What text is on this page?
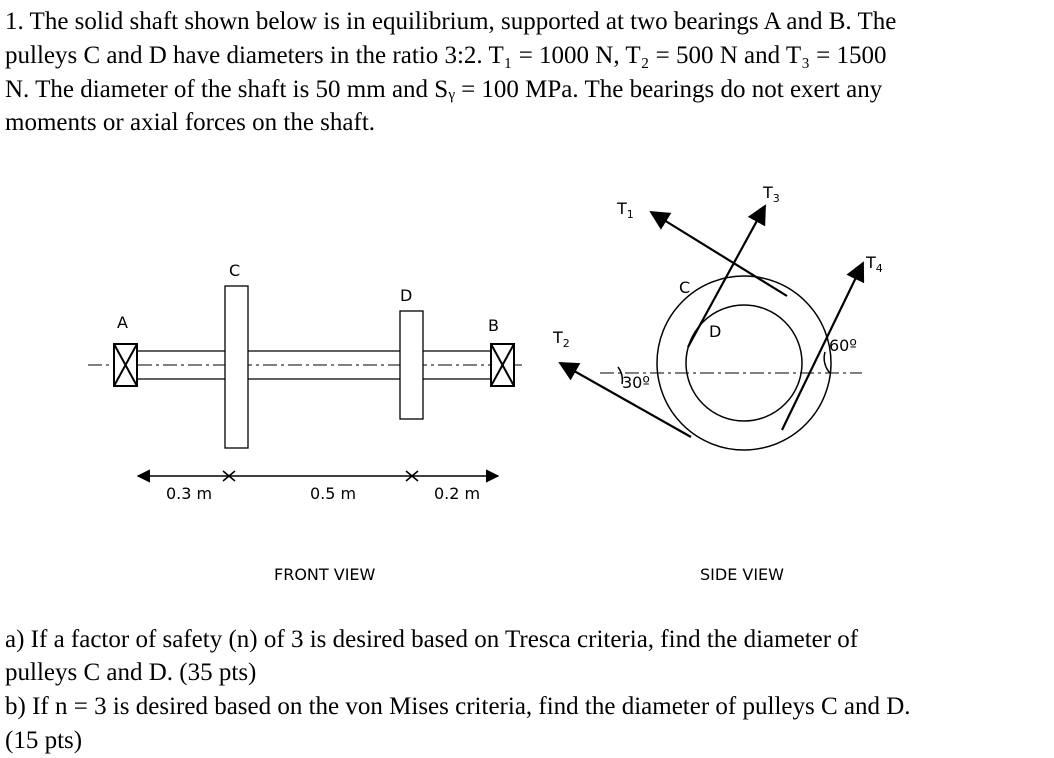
1. The solid shaft shown below is in equilibrium, supported at two bearings A and B. The
pulleys C and D have diameters in the ratio 3:2. T₁ = 1000 N, T₂ = 500 N and T₃ = 1500
N. The diameter of the shaft is 50 mm and Sᵧ = 100 MPa. The bearings do not exert any
moments or axial forces on the shaft.
A	B
C
D
0.3 m	0.5 m	0.2 m
FRONT VIEW
$T_1$
$T_2$
$T_3$
$T_4$
C
D
30º
60º
SIDE VIEW
a) If a factor of safety (n) of 3 is desired based on Tresca criteria, find the diameter of
pulleys C and D. (35 pts)
b) If n = 3 is desired based on the von Mises criteria, find the diameter of pulleys C and D.
(15 pts)
